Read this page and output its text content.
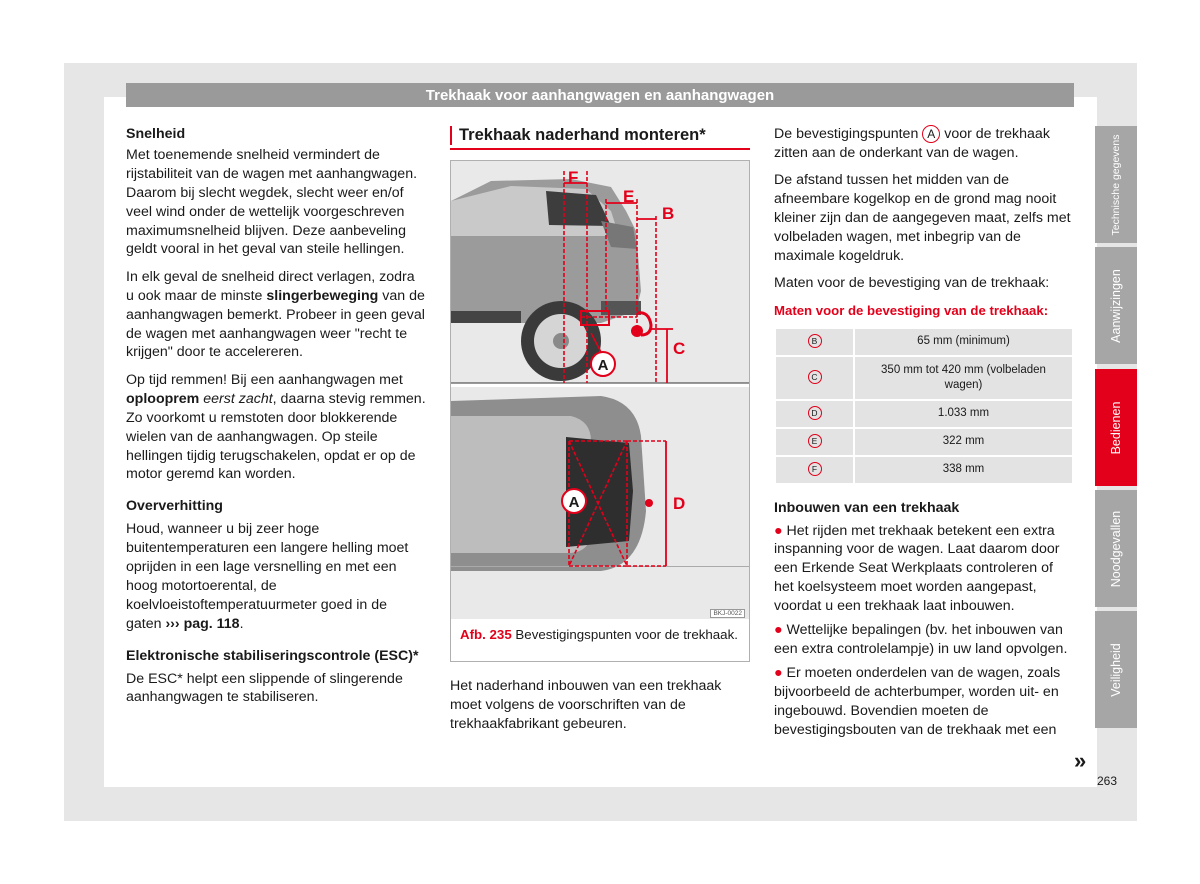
Trekhaak voor aanhangwagen en aanhangwagen
Snelheid

Met toenemende snelheid vermindert de rijstabiliteit van de wagen met aanhangwagen. Daarom bij slecht wegdek, slecht weer en/of veel wind onder de wettelijk voorgeschreven maximumsnelheid blijven. Deze aanbeveling geldt vooral in het geval van steile hellingen.

In elk geval de snelheid direct verlagen, zodra u ook maar de minste slingerbeweging van de aanhangwagen bemerkt. Probeer in geen geval de wagen met aanhangwagen weer "recht te krijgen" door te accelereren.

Op tijd remmen! Bij een aanhangwagen met oplooprem eerst zacht, daarna stevig remmen. Zo voorkomt u remstoten door blokkerende wielen van de aanhangwagen. Op steile hellingen tijdig terugschakelen, opdat er op de motor geremd kan worden.

Oververhitting

Houd, wanneer u bij zeer hoge buitentemperaturen een langere helling moet oprijden in een lage versnelling en met een hoog motortoerental, de koelvloeistoftemperatuurmeter goed in de gaten ››› pag. 118.

Elektronische stabiliseringscontrole (ESC)*

De ESC* helpt een slippende of slingerende aanhangwagen te stabiliseren.

Trekhaak naderhand monteren*
F
E
B
C
A
D
A
BKJ-0022
Afb. 235 Bevestigingspunten voor de trekhaak.
Het naderhand inbouwen van een trekhaak moet volgens de voorschriften van de trekhaakfabrikant gebeuren.

De bevestigingspunten A voor de trekhaak zitten aan de onderkant van de wagen.

De afstand tussen het midden van de afneembare kogelkop en de grond mag nooit kleiner zijn dan de aangegeven maat, zelfs met volbeladen wagen, met inbegrip van de maximale kogeldruk.

Maten voor de bevestiging van de trekhaak:

Maten voor de bevestiging van de trekhaak:
B	65 mm (minimum)
C	350 mm tot 420 mm (volbeladen wagen)
D	1.033 mm
E	322 mm
F	338 mm
Inbouwen van een trekhaak

● Het rijden met trekhaak betekent een extra inspanning voor de wagen. Laat daarom door een Erkende Seat Werkplaats controleren of het koelsysteem moet worden aangepast, voordat u een trekhaak laat inbouwen.

● Wettelijke bepalingen (bv. het inbouwen van een extra controlelampje) in uw land opvolgen.

● Er moeten onderdelen van de wagen, zoals bijvoorbeeld de achterbumper, worden uit- en ingebouwd. Bovendien moeten de bevestigingsbouten van de trekhaak met een

»
Technische gegevens
Aanwijzingen
Bedienen
Noodgevallen
Veiligheid
263
